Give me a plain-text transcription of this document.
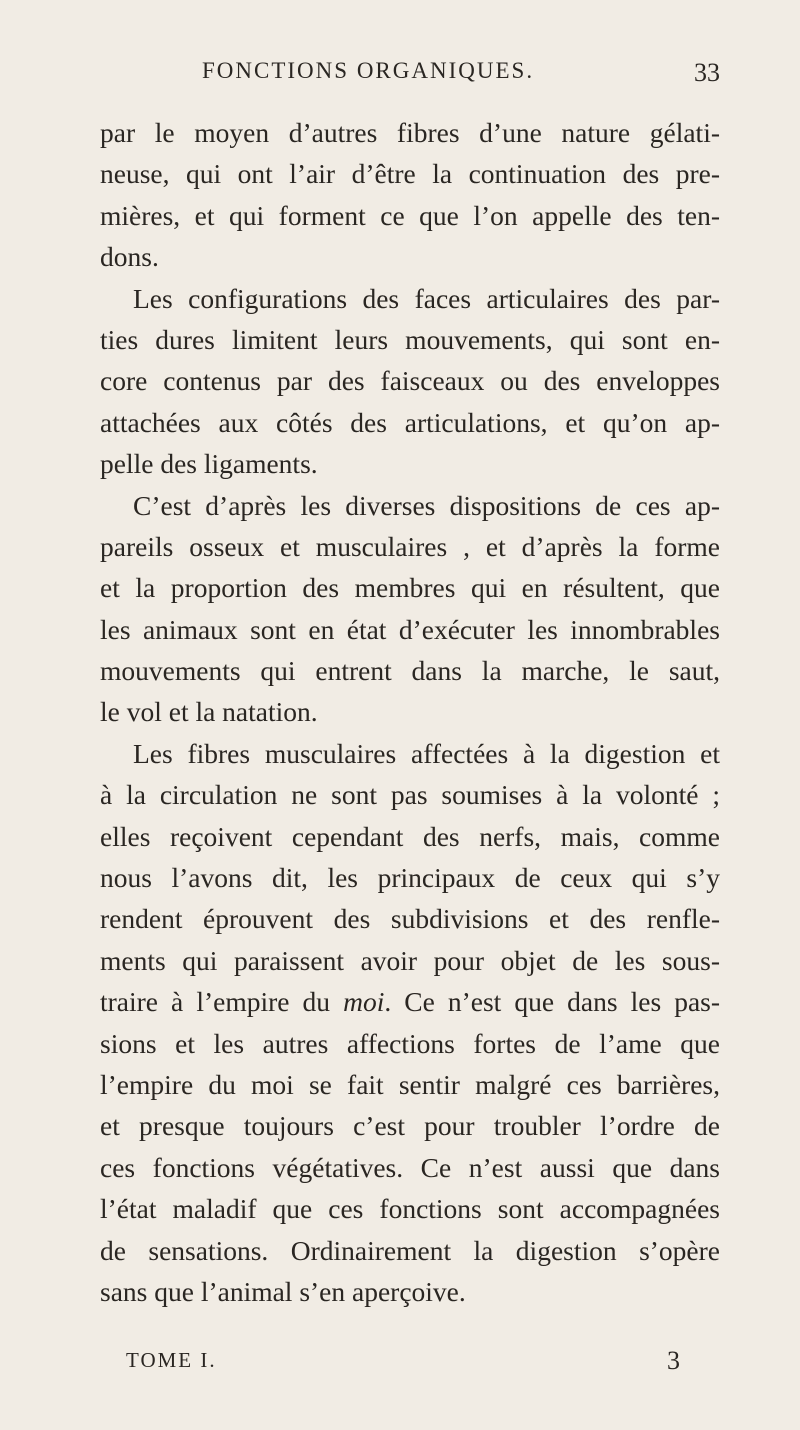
FONCTIONS ORGANIQUES.	33
par le moyen d’autres fibres d’une nature gélati-
neuse, qui ont l’air d’être la continuation des pre-
mières, et qui forment ce que l’on appelle des ten-
dons.
Les configurations des faces articulaires des par-
ties dures limitent leurs mouvements, qui sont en-
core contenus par des faisceaux ou des enveloppes
attachées aux côtés des articulations, et qu’on ap-
pelle des ligaments.
C’est d’après les diverses dispositions de ces ap-
pareils osseux et musculaires , et d’après la forme
et la proportion des membres qui en résultent, que
les animaux sont en état d’exécuter les innombrables
mouvements qui entrent dans la marche, le saut,
le vol et la natation.
Les fibres musculaires affectées à la digestion et
à la circulation ne sont pas soumises à la volonté ;
elles reçoivent cependant des nerfs, mais, comme
nous l’avons dit, les principaux de ceux qui s’y
rendent éprouvent des subdivisions et des renfle-
ments qui paraissent avoir pour objet de les sous-
traire à l’empire du moi. Ce n’est que dans les pas-
sions et les autres affections fortes de l’ame que
l’empire du moi se fait sentir malgré ces barrières,
et presque toujours c’est pour troubler l’ordre de
ces fonctions végétatives. Ce n’est aussi que dans
l’état maladif que ces fonctions sont accompagnées
de sensations. Ordinairement la digestion s’opère
sans que l’animal s’en aperçoive.
TOME I.	3
